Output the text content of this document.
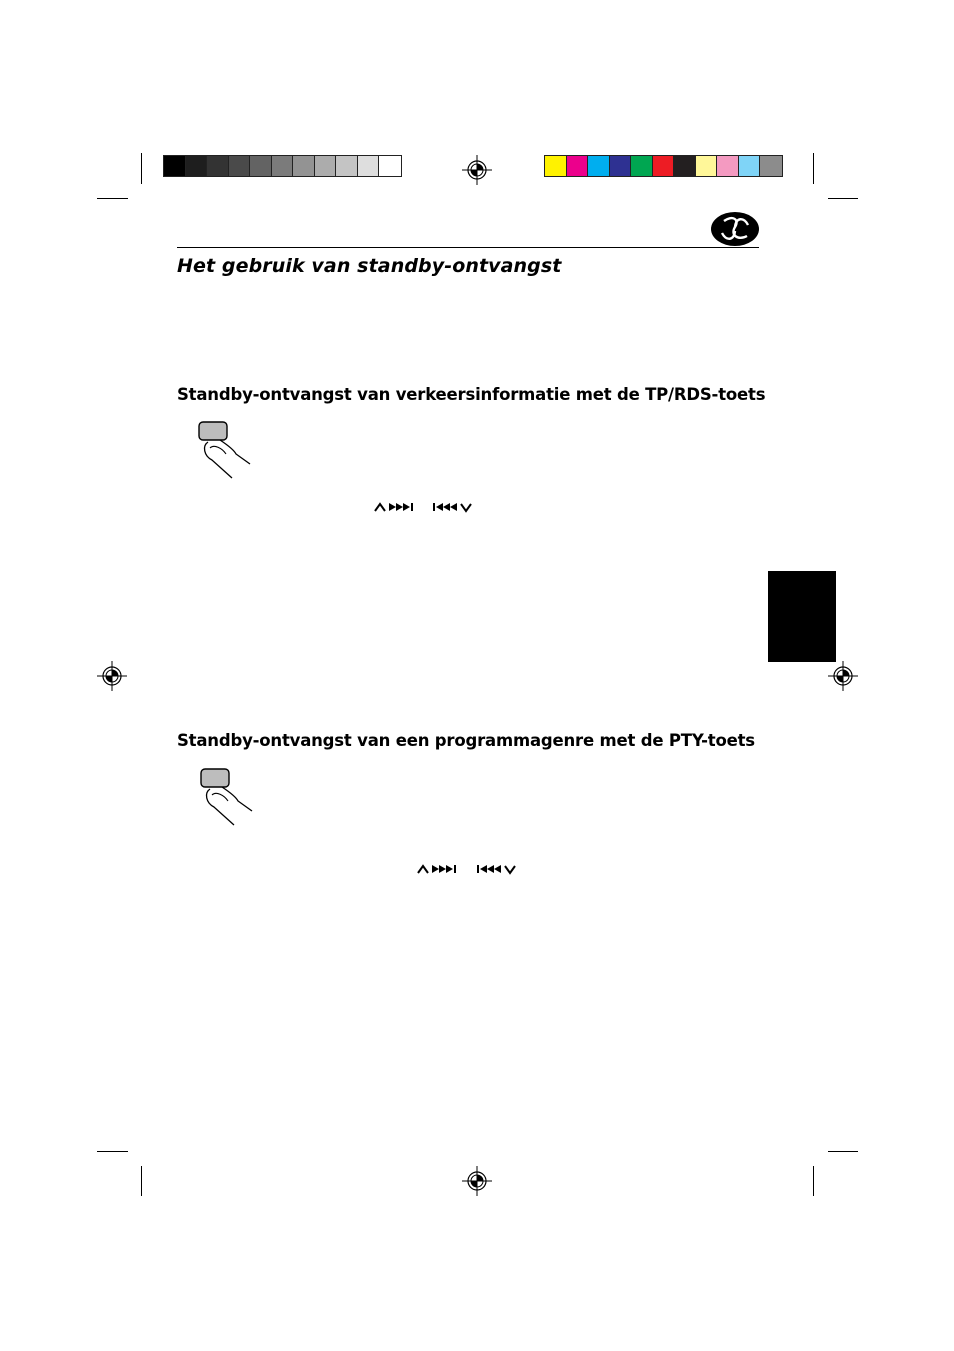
Het gebruik van standby-ontvangst
Standby-ontvangst van verkeersinformatie met de TP/RDS-toets
Standby-ontvangst van een programmagenre met de PTY-toets
